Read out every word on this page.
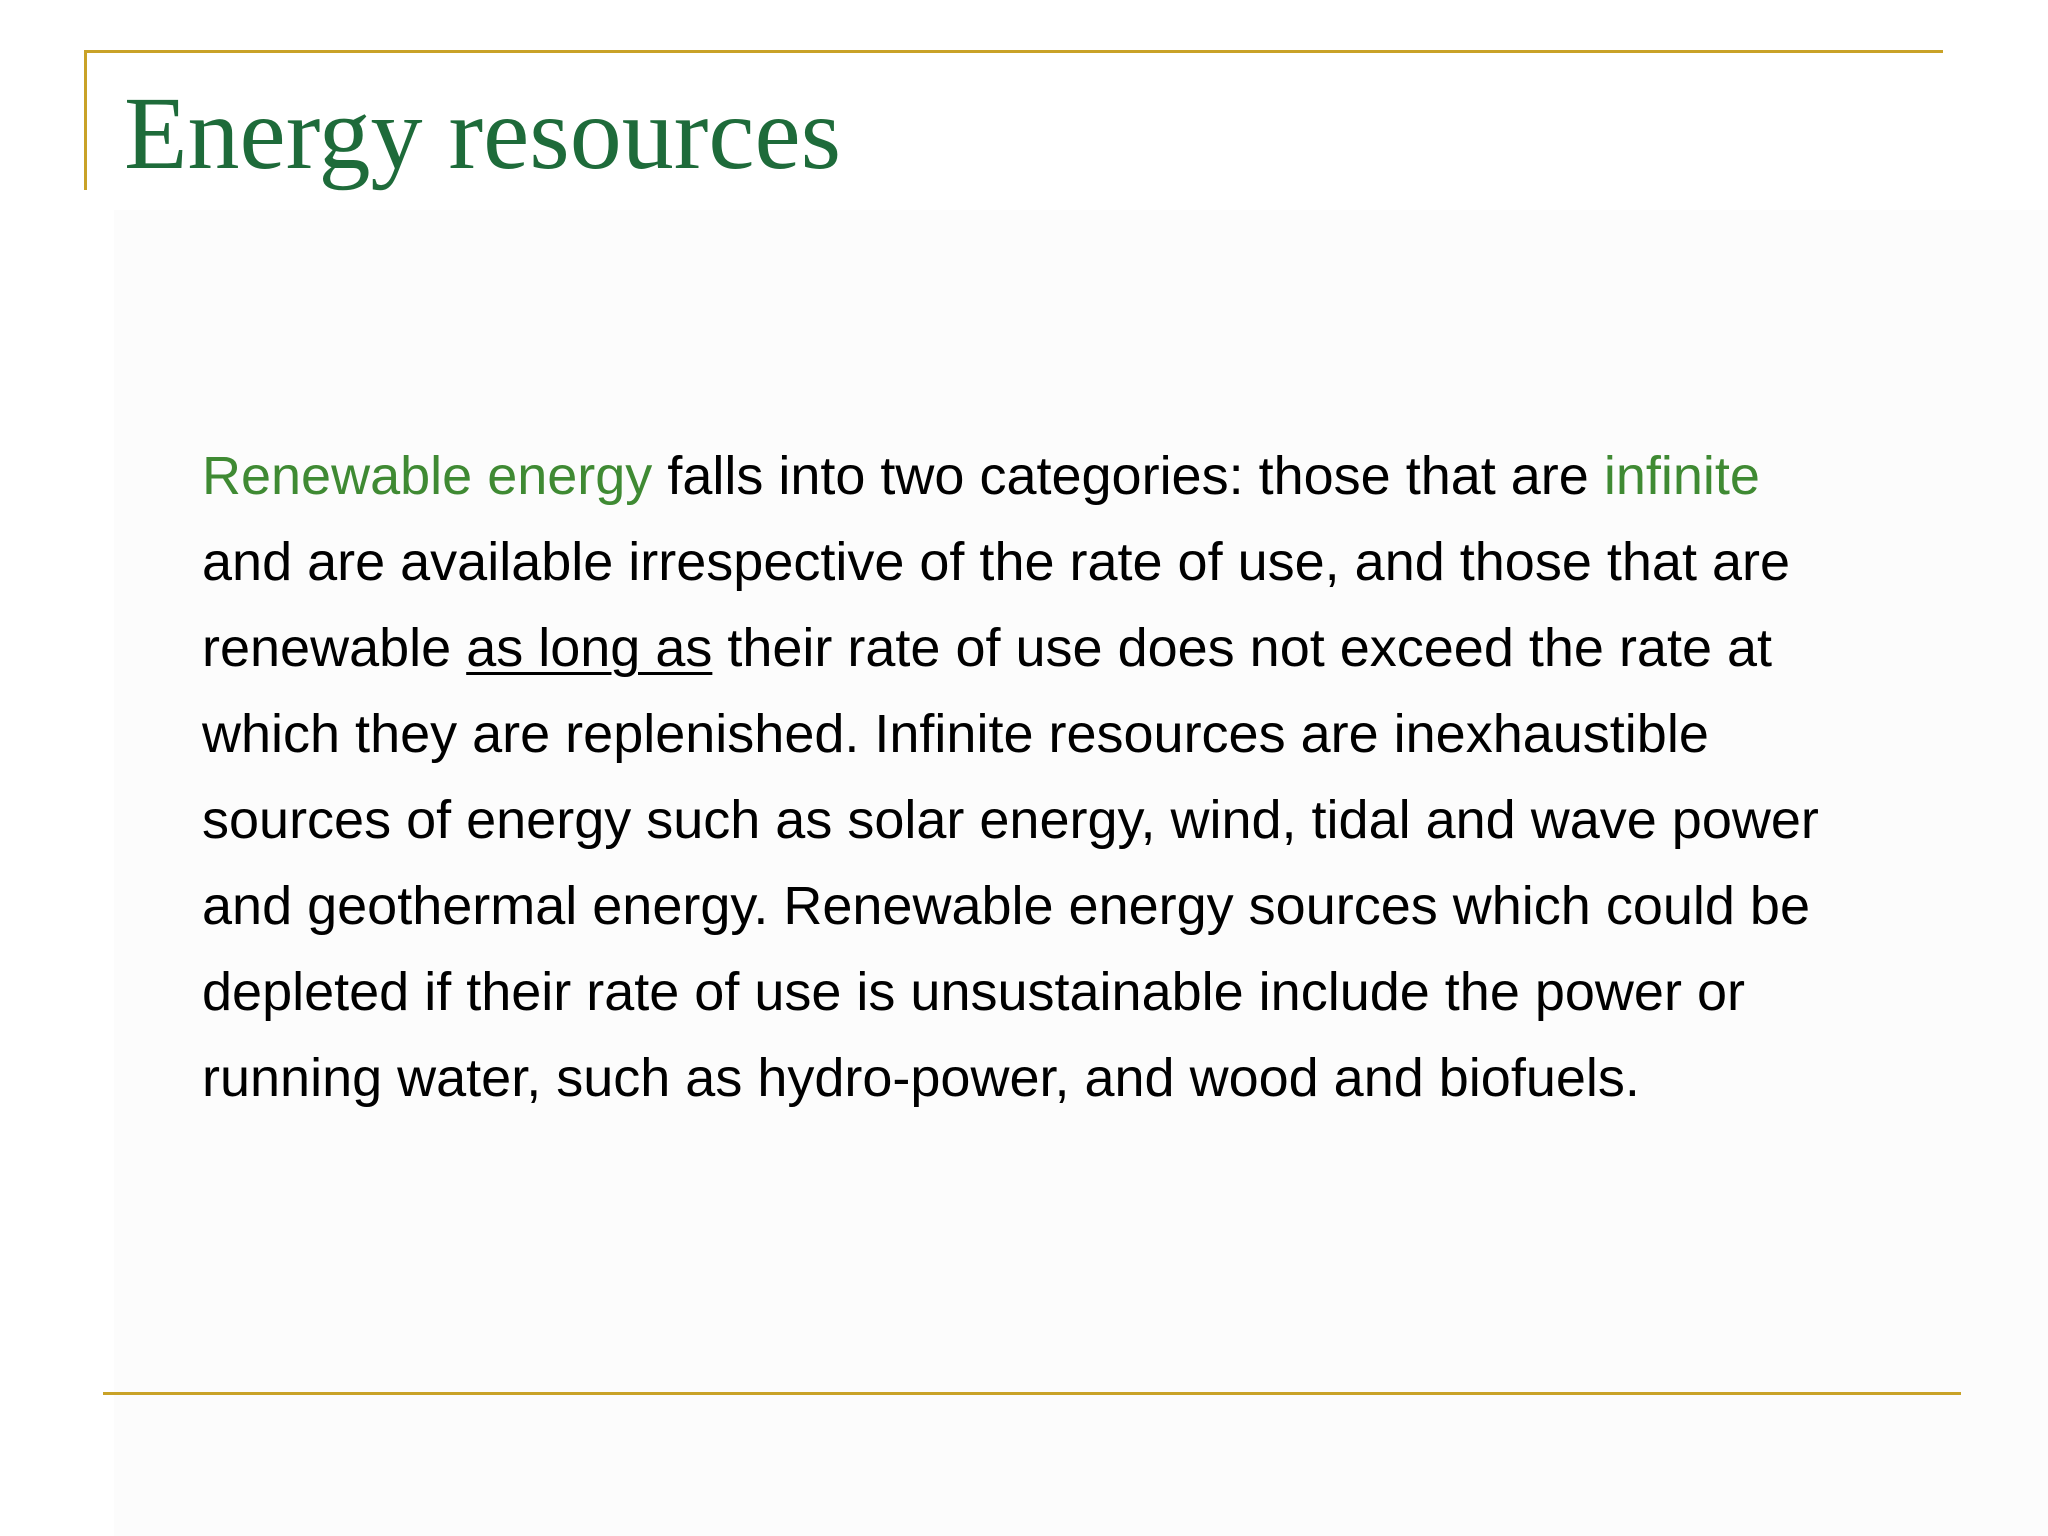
Energy resources

Renewable energy falls into two categories: those that are infinite
and are available irrespective of the rate of use, and those that are
renewable as long as their rate of use does not exceed the rate at
which they are replenished. Infinite resources are inexhaustible
sources of energy such as solar energy, wind, tidal and wave power
and geothermal energy. Renewable energy sources which could be
depleted if their rate of use is unsustainable include the power or
running water, such as hydro-power, and wood and biofuels.
